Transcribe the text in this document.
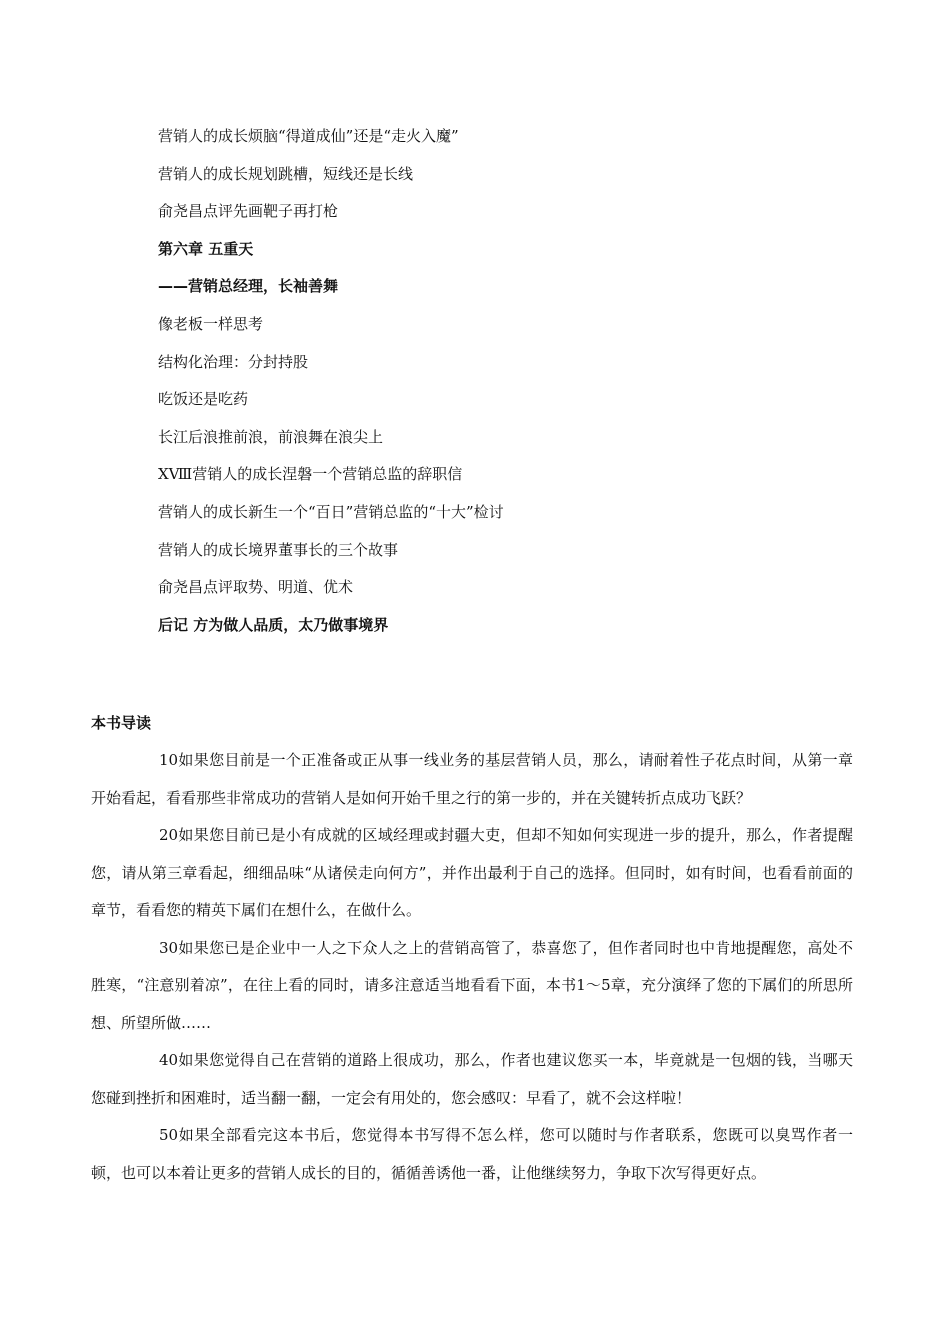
营销人的成长烦脑“得道成仙”还是“走火入魔”
营销人的成长规划跳槽，短线还是长线
俞尧昌点评先画靶子再打枪
第六章 五重天
——营销总经理，长袖善舞
像老板一样思考
结构化治理：分封持股
吃饭还是吃药
长江后浪推前浪，前浪舞在浪尖上
ⅩⅧ营销人的成长涅磐一个营销总监的辞职信
营销人的成长新生一个“百日”营销总监的“十大”检讨
营销人的成长境界董事长的三个故事
俞尧昌点评取势、明道、优术
后记 方为做人品质，太乃做事境界
本书导读

10如果您目前是一个正准备或正从事一线业务的基层营销人员，那么，请耐着性子花点时间，从第一章开始看起，看看那些非常成功的营销人是如何开始千里之行的第一步的，并在关键转折点成功飞跃？

20如果您目前已是小有成就的区域经理或封疆大吏，但却不知如何实现进一步的提升，那么，作者提醒您，请从第三章看起，细细品味“从诸侯走向何方”，并作出最利于自己的选择。但同时，如有时间，也看看前面的章节，看看您的精英下属们在想什么，在做什么。

30如果您已是企业中一人之下众人之上的营销高管了，恭喜您了，但作者同时也中肯地提醒您，高处不胜寒，“注意别着凉”，在往上看的同时，请多注意适当地看看下面，本书1～5章，充分演绎了您的下属们的所思所想、所望所做……

40如果您觉得自己在营销的道路上很成功，那么，作者也建议您买一本，毕竟就是一包烟的钱，当哪天您碰到挫折和困难时，适当翻一翻，一定会有用处的，您会感叹：早看了，就不会这样啦！

50如果全部看完这本书后，您觉得本书写得不怎么样，您可以随时与作者联系，您既可以臭骂作者一顿，也可以本着让更多的营销人成长的目的，循循善诱他一番，让他继续努力，争取下次写得更好点。
